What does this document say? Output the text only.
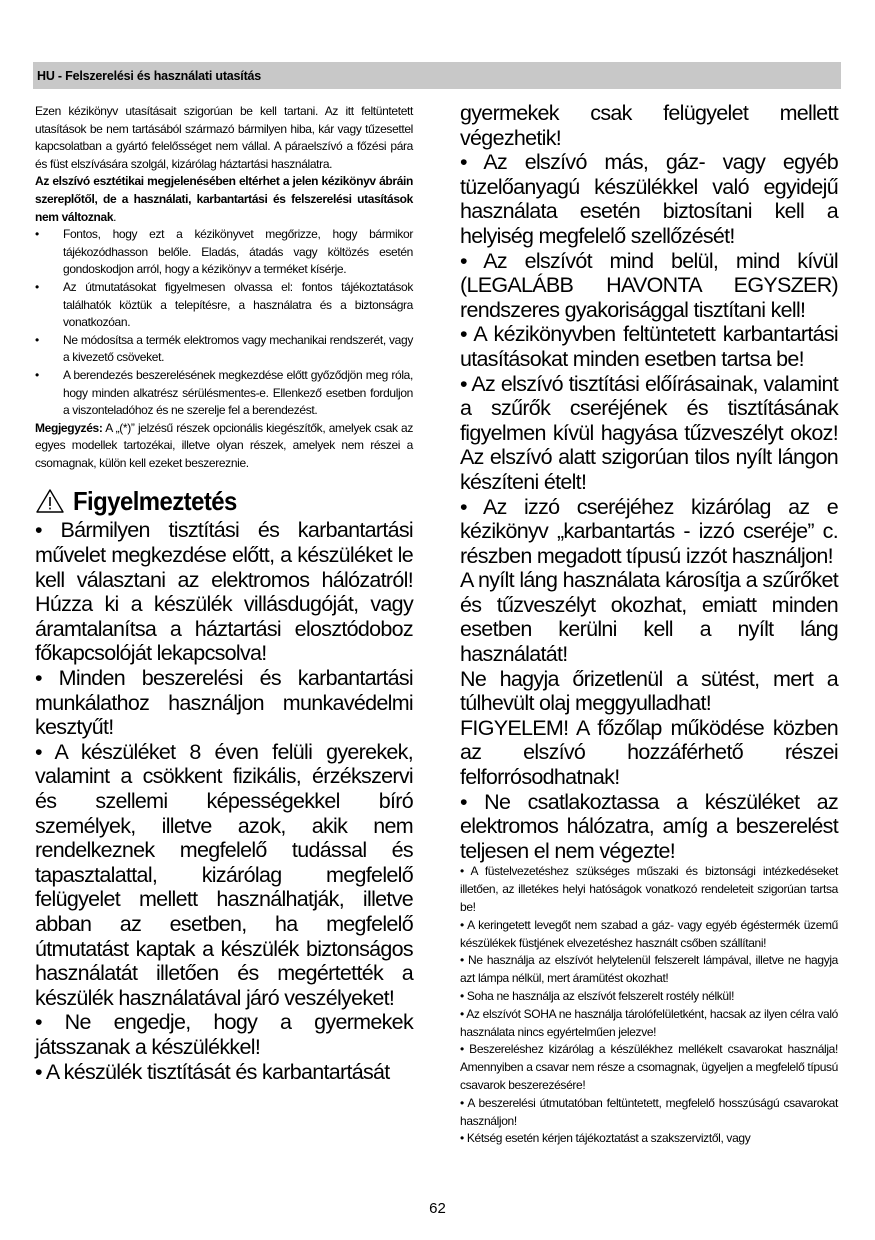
HU - Felszerelési és használati utasítás

Ezen kézikönyv utasításait szigorúan be kell tartani. Az itt feltüntetett utasítások be nem tartásából származó bármilyen hiba, kár vagy tűzesettel kapcsolatban a gyártó felelősséget nem vállal. A páraelszívó a főzési pára és füst elszívására szolgál, kizárólag háztartási használatra.

Az elszívó esztétikai megjelenésében eltérhet a jelen kézikönyv ábráin szereplőtől, de a használati, karbantartási és felszerelési utasítások nem változnak.

• Fontos, hogy ezt a kézikönyvet megőrizze, hogy bármikor tájékozódhasson belőle. Eladás, átadás vagy költözés esetén gondoskodjon arról, hogy a kézikönyv a terméket kísérje.
• Az útmutatásokat figyelmesen olvassa el: fontos tájékoztatások találhatók köztük a telepítésre, a használatra és a biztonságra vonatkozóan.
• Ne módosítsa a termék elektromos vagy mechanikai rendszerét, vagy a kivezető csöveket.
• A berendezés beszerelésének megkezdése előtt győződjön meg róla, hogy minden alkatrész sérülésmentes-e. Ellenkező esetben forduljon a viszonteladóhoz és ne szerelje fel a berendezést.

Megjegyzés: A „(*)” jelzésű részek opcionális kiegészítők, amelyek csak az egyes modellek tartozékai, illetve olyan részek, amelyek nem részei a csomagnak, külön kell ezeket beszereznie.

Figyelmeztetés

• Bármilyen tisztítási és karbantartási művelet megkezdése előtt, a készüléket le kell választani az elektromos hálózatról! Húzza ki a készülék villásdugóját, vagy áramtalanítsa a háztartási elosztódoboz főkapcsolóját lekapcsolva!

• Minden beszerelési és karbantartási munkálathoz használjon munkavédelmi kesztyűt!

• A készüléket 8 éven felüli gyerekek, valamint a csökkent fizikális, érzékszervi és szellemi képességekkel bíró személyek, illetve azok, akik nem rendelkeznek megfelelő tudással és tapasztalattal, kizárólag megfelelő felügyelet mellett használhatják, illetve abban az esetben, ha megfelelő útmutatást kaptak a készülék biztonságos használatát illetően és megértették a készülék használatával járó veszélyeket!

• Ne engedje, hogy a gyermekek játsszanak a készülékkel!

• A készülék tisztítását és karbantartását

gyermekek csak felügyelet mellett végezhetik!

• Az elszívó más, gáz- vagy egyéb tüzelőanyagú készülékkel való egyidejű használata esetén biztosítani kell a helyiség megfelelő szellőzését!

• Az elszívót mind belül, mind kívül (LEGALÁBB HAVONTA EGYSZER) rendszeres gyakorisággal tisztítani kell!

• A kézikönyvben feltüntetett karbantartási utasításokat minden esetben tartsa be!

• Az elszívó tisztítási előírásainak, valamint a szűrők cseréjének és tisztításának figyelmen kívül hagyása tűzveszélyt okoz! Az elszívó alatt szigorúan tilos nyílt lángon készíteni ételt!

• Az izzó cseréjéhez kizárólag az e kézikönyv „karbantartás - izzó cseréje” c. részben megadott típusú izzót használjon!

A nyílt láng használata károsítja a szűrőket és tűzveszélyt okozhat, emiatt minden esetben kerülni kell a nyílt láng használatát!

Ne hagyja őrizetlenül a sütést, mert a túlhevült olaj meggyulladhat!

FIGYELEM! A főzőlap működése közben az elszívó hozzáférhető részei felforrósodhatnak!

• Ne csatlakoztassa a készüléket az elektromos hálózatra, amíg a beszerelést teljesen el nem végezte!

• A füstelvezetéshez szükséges műszaki és biztonsági intézkedéseket illetően, az illetékes helyi hatóságok vonatkozó rendeleteit szigorúan tartsa be!

• A keringetett levegőt nem szabad a gáz- vagy egyéb égéstermék üzemű készülékek füstjének elvezetéshez használt csőben szállítani!

• Ne használja az elszívót helytelenül felszerelt lámpával, illetve ne hagyja azt lámpa nélkül, mert áramütést okozhat!

• Soha ne használja az elszívót felszerelt rostély nélkül!

• Az elszívót SOHA ne használja tárolófelületként, hacsak az ilyen célra való használata nincs egyértelműen jelezve!

• Beszereléshez kizárólag a készülékhez mellékelt csavarokat használja! Amennyiben a csavar nem része a csomagnak, ügyeljen a megfelelő típusú csavarok beszerezésére!

• A beszerelési útmutatóban feltüntetett, megfelelő hosszúságú csavarokat használjon!

• Kétség esetén kérjen tájékoztatást a szakszerviztől, vagy

62
